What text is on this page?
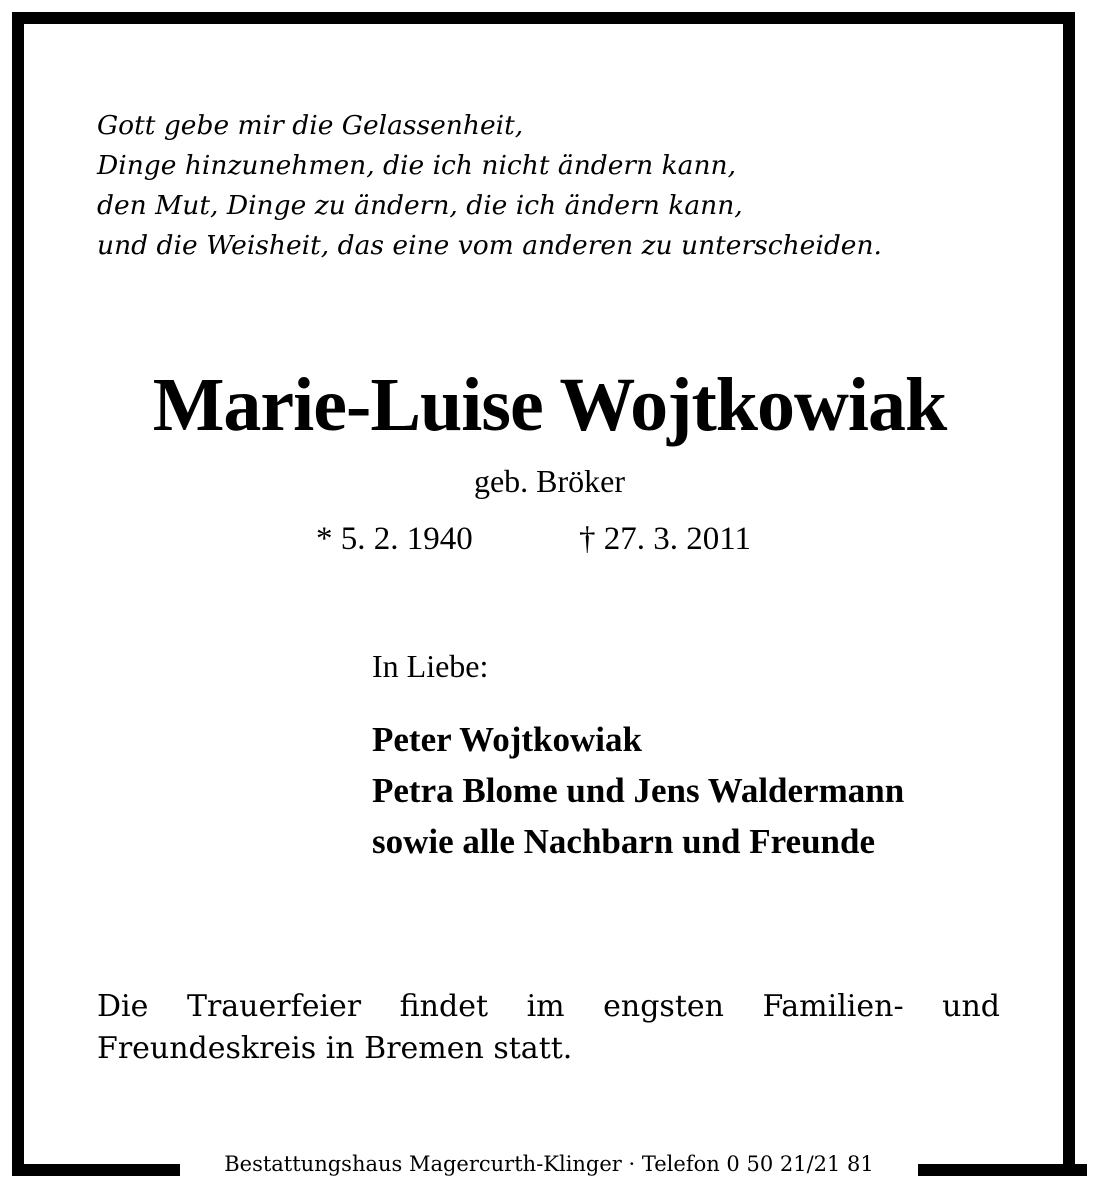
Gott gebe mir die Gelassenheit,
Dinge hinzunehmen, die ich nicht ändern kann,
den Mut, Dinge zu ändern, die ich ändern kann,
und die Weisheit, das eine vom anderen zu unterscheiden.
Marie-Luise Wojtkowiak
geb. Bröker
* 5. 2. 1940	† 27. 3. 2011
In Liebe:
Peter Wojtkowiak
Petra Blome und Jens Waldermann
sowie alle Nachbarn und Freunde
Die Trauerfeier findet im engsten Familien- und
Freundeskreis in Bremen statt.
Bestattungshaus Magercurth-Klinger · Telefon 0 50 21/21 81
